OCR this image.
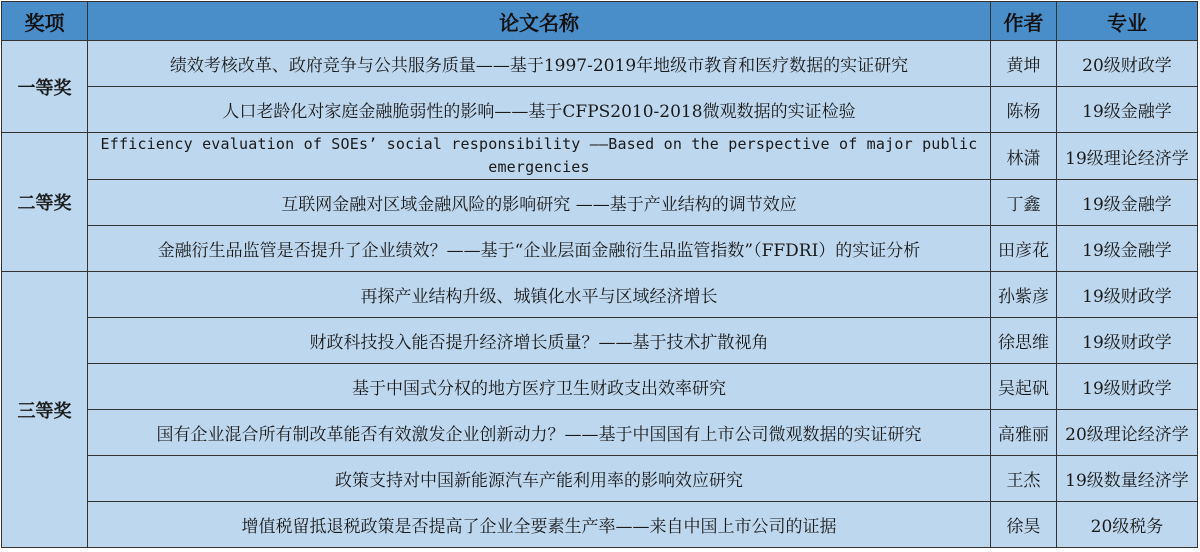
奖项	论文名称	作者	专业
一等奖	绩效考核改革、政府竞争与公共服务质量——基于1997-2019年地级市教育和医疗数据的实证研究	黄坤	20级财政学
	人口老龄化对家庭金融脆弱性的影响——基于CFPS2010-2018微观数据的实证检验	陈杨	19级金融学
二等奖	Efficiency evaluation of SOEs’ social responsibility ——Based on the perspective of major public emergencies	林潇	19级理论经济学
	互联网金融对区域金融风险的影响研究 ——基于产业结构的调节效应	丁鑫	19级金融学
	金融衍生品监管是否提升了企业绩效？——基于“企业层面金融衍生品监管指数”（FFDRI）的实证分析	田彦花	19级金融学
三等奖	再探产业结构升级、城镇化水平与区域经济增长	孙紫彦	19级财政学
	财政科技投入能否提升经济增长质量？——基于技术扩散视角	徐思维	19级财政学
	基于中国式分权的地方医疗卫生财政支出效率研究	吴起矾	19级财政学
	国有企业混合所有制改革能否有效激发企业创新动力？——基于中国国有上市公司微观数据的实证研究	高雅丽	20级理论经济学
	政策支持对中国新能源汽车产能利用率的影响效应研究	王杰	19级数量经济学
	增值税留抵退税政策是否提高了企业全要素生产率——来自中国上市公司的证据	徐昊	20级税务
